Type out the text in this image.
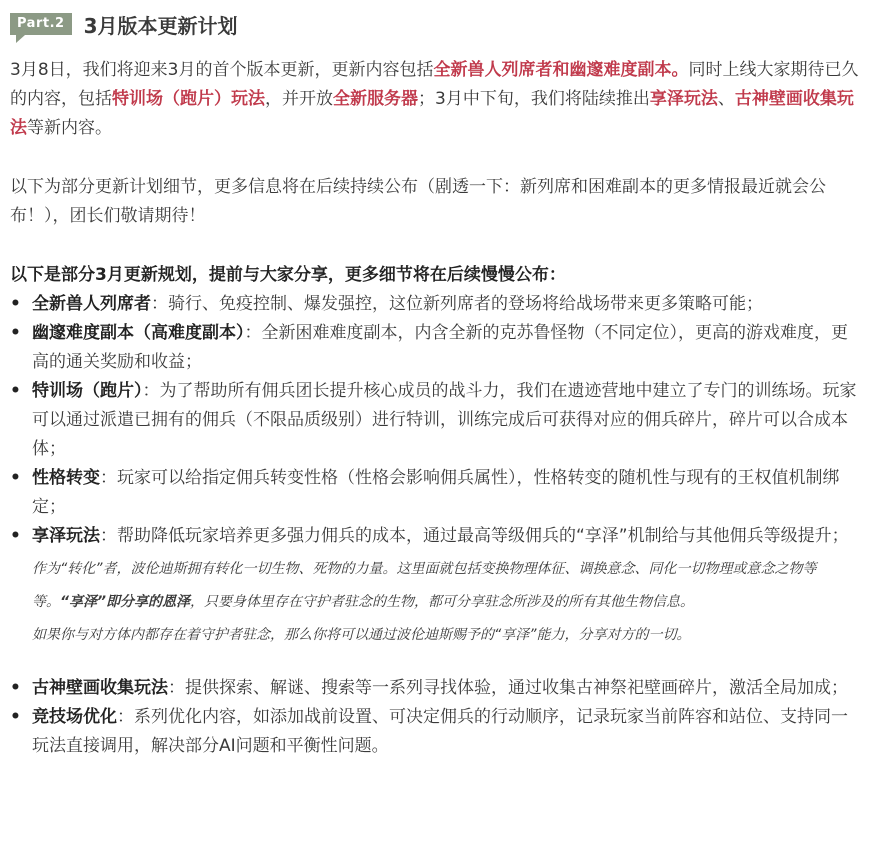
Part.2 3月版本更新计划

3月8日，我们将迎来3月的首个版本更新，更新内容包括全新兽人列席者和幽邃难度副本。同时上线大家期待已久的内容，包括特训场（跑片）玩法，并开放全新服务器；3月中下旬，我们将陆续推出享泽玩法、古神壁画收集玩法等新内容。

以下为部分更新计划细节，更多信息将在后续持续公布（剧透一下：新列席和困难副本的更多情报最近就会公布！），团长们敬请期待！

以下是部分3月更新规划，提前与大家分享，更多细节将在后续慢慢公布：

• 全新兽人列席者：骑行、免疫控制、爆发强控，这位新列席者的登场将给战场带来更多策略可能；
• 幽邃难度副本（高难度副本）：全新困难难度副本，内含全新的克苏鲁怪物（不同定位），更高的游戏难度，更高的通关奖励和收益；
• 特训场（跑片）：为了帮助所有佣兵团长提升核心成员的战斗力，我们在遗迹营地中建立了专门的训练场。玩家可以通过派遣已拥有的佣兵（不限品质级别）进行特训，训练完成后可获得对应的佣兵碎片，碎片可以合成本体；
• 性格转变：玩家可以给指定佣兵转变性格（性格会影响佣兵属性），性格转变的随机性与现有的王权值机制绑定；
• 享泽玩法：帮助降低玩家培养更多强力佣兵的成本，通过最高等级佣兵的“享泽”机制给与其他佣兵等级提升；
作为“转化”者，波伦迪斯拥有转化一切生物、死物的力量。这里面就包括变换物理体征、调换意念、同化一切物理或意念之物等等。“享泽”即分享的恩泽，只要身体里存在守护者驻念的生物，都可分享驻念所涉及的所有其他生物信息。
如果你与对方体内都存在着守护者驻念，那么你将可以通过波伦迪斯赐予的“享泽”能力，分享对方的一切。
• 古神壁画收集玩法：提供探索、解谜、搜索等一系列寻找体验，通过收集古神祭祀壁画碎片，激活全局加成；
• 竞技场优化：系列优化内容，如添加战前设置、可决定佣兵的行动顺序，记录玩家当前阵容和站位、支持同一玩法直接调用，解决部分AI问题和平衡性问题。
